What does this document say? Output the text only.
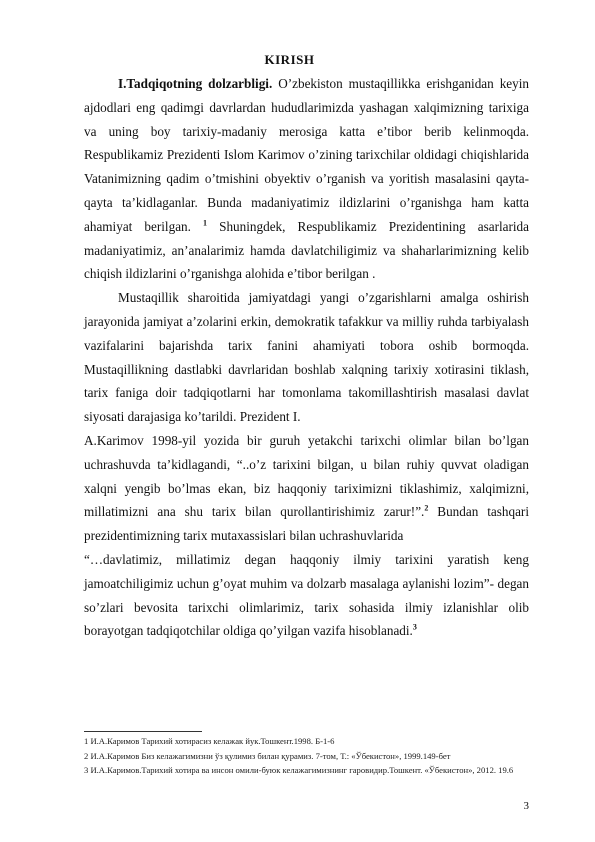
KIRISH

I.Tadqiqotning dolzarbligi. O’zbekiston mustaqillikka erishganidan keyin ajdodlari eng qadimgi davrlardan hududlarimizda yashagan xalqimizning tarixiga va uning boy tarixiy-madaniy merosiga katta e’tibor berib kelinmoqda. Respublikamiz Prezidenti Islom Karimov o’zining tarixchilar oldidagi chiqishlarida Vatanimizning qadim o’tmishini obyektiv o’rganish va yoritish masalasini qayta-qayta ta’kidlaganlar. Bunda madaniyatimiz ildizlarini o’rganishga ham katta ahamiyat berilgan. $^1$ Shuningdek, Respublikamiz Prezidentining asarlarida madaniyatimiz, an’analarimiz hamda davlatchiligimiz va shaharlarimizning kelib chiqish ildizlarini o’rganishga alohida e’tibor berilgan .

Mustaqillik sharoitida jamiyatdagi yangi o’zgarishlarni amalga oshirish jarayonida jamiyat a’zolarini erkin, demokratik tafakkur va milliy ruhda tarbiyalash vazifalarini bajarishda tarix fanini ahamiyati tobora oshib bormoqda. Mustaqillikning dastlabki davrlaridan boshlab xalqning tarixiy xotirasini tiklash, tarix faniga doir tadqiqotlarni har tomonlama takomillashtirish masalasi davlat siyosati darajasiga ko’tarildi. Prezident I.

A.Karimov 1998-yil yozida bir guruh yetakchi tarixchi olimlar bilan bo’lgan uchrashuvda ta’kidlagandi, “..o’z tarixini bilgan, u bilan ruhiy quvvat oladigan xalqni yengib bo’lmas ekan, biz haqqoniy tariximizni tiklashimiz, xalqimizni, millatimizni ana shu tarix bilan qurollantirishimiz zarur!”.$^2$ Bundan tashqari prezidentimizning tarix mutaxassislari bilan uchrashuvlarida

“…davlatimiz, millatimiz degan haqqoniy ilmiy tarixini yaratish keng jamoatchiligimiz uchun g’oyat muhim va dolzarb masalaga aylanishi lozim”- degan so’zlari bevosita tarixchi olimlarimiz, tarix sohasida ilmiy izlanishlar olib borayotgan tadqiqotchilar oldiga qo’yilgan vazifa hisoblanadi.$^3$

1 И.А.Каримов Тарихий хотирасиз келажак йук.Тошкент.1998. Б-1-6

2 И.А.Каримов Биз келажагимизни ўз қулимиз билан қурамиз. 7-том, Т.: «Ўбекистон», 1999.149-бет

3 И.А.Каримов.Тарихий хотира ва инсон омили-буюк келажагимизнинг гаровидир.Тошкент. «Ўбекистон», 2012. 19.6

3
